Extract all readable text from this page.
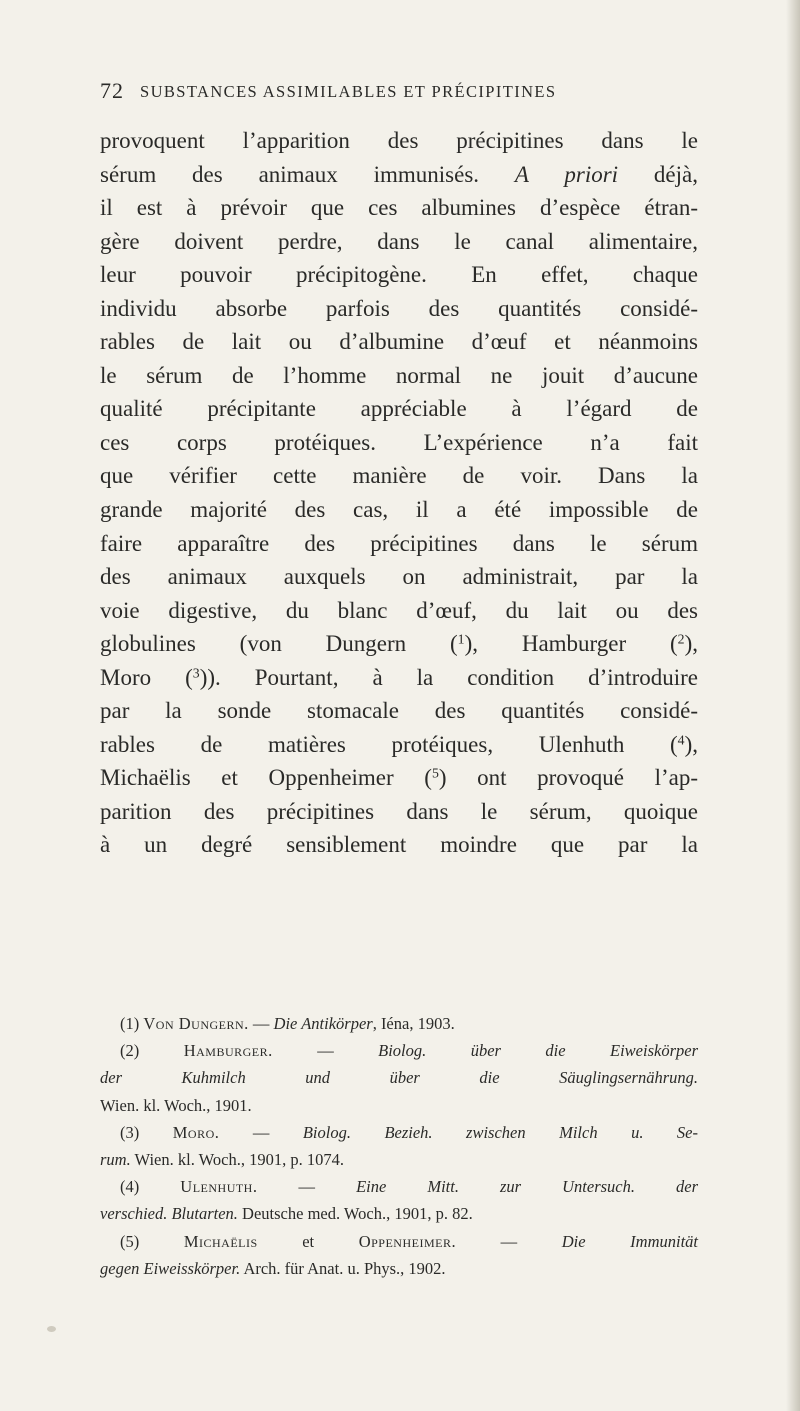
72 SUBSTANCES ASSIMILABLES ET PRÉCIPITINES
provoquent l’apparition des précipitines dans le
sérum des animaux immunisés. A priori déjà,
il est à prévoir que ces albumines d’espèce étran-
gère doivent perdre, dans le canal alimentaire,
leur pouvoir précipitogène. En effet, chaque
individu absorbe parfois des quantités considé-
rables de lait ou d’albumine d’œuf et néanmoins
le sérum de l’homme normal ne jouit d’aucune
qualité précipitante appréciable à l’égard de
ces corps protéiques. L’expérience n’a fait
que vérifier cette manière de voir. Dans la
grande majorité des cas, il a été impossible de
faire apparaître des précipitines dans le sérum
des animaux auxquels on administrait, par la
voie digestive, du blanc d’œuf, du lait ou des
globulines (von Dungern ($^1$), Hamburger ($^2$),
Moro ($^3$)). Pourtant, à la condition d’introduire
par la sonde stomacale des quantités considé-
rables de matières protéiques, Ulenhuth ($^4$),
Michaëlis et Oppenheimer ($^5$) ont provoqué l’ap-
parition des précipitines dans le sérum, quoique
à un degré sensiblement moindre que par la
(1) Von Dungern. — Die Antikörper, Iéna, 1903.
(2) Hamburger. — Biolog. über die Eiweiskörper
der Kuhmilch und über die Säuglingsernährung.
Wien. kl. Woch., 1901.
(3) Moro. — Biolog. Bezieh. zwischen Milch u. Se-
rum. Wien. kl. Woch., 1901, p. 1074.
(4) Ulenhuth. — Eine Mitt. zur Untersuch. der
verschied. Blutarten. Deutsche med. Woch., 1901, p. 82.
(5) Michaëlis et Oppenheimer. — Die Immunität
gegen Eiweisskörper. Arch. für Anat. u. Phys., 1902.
